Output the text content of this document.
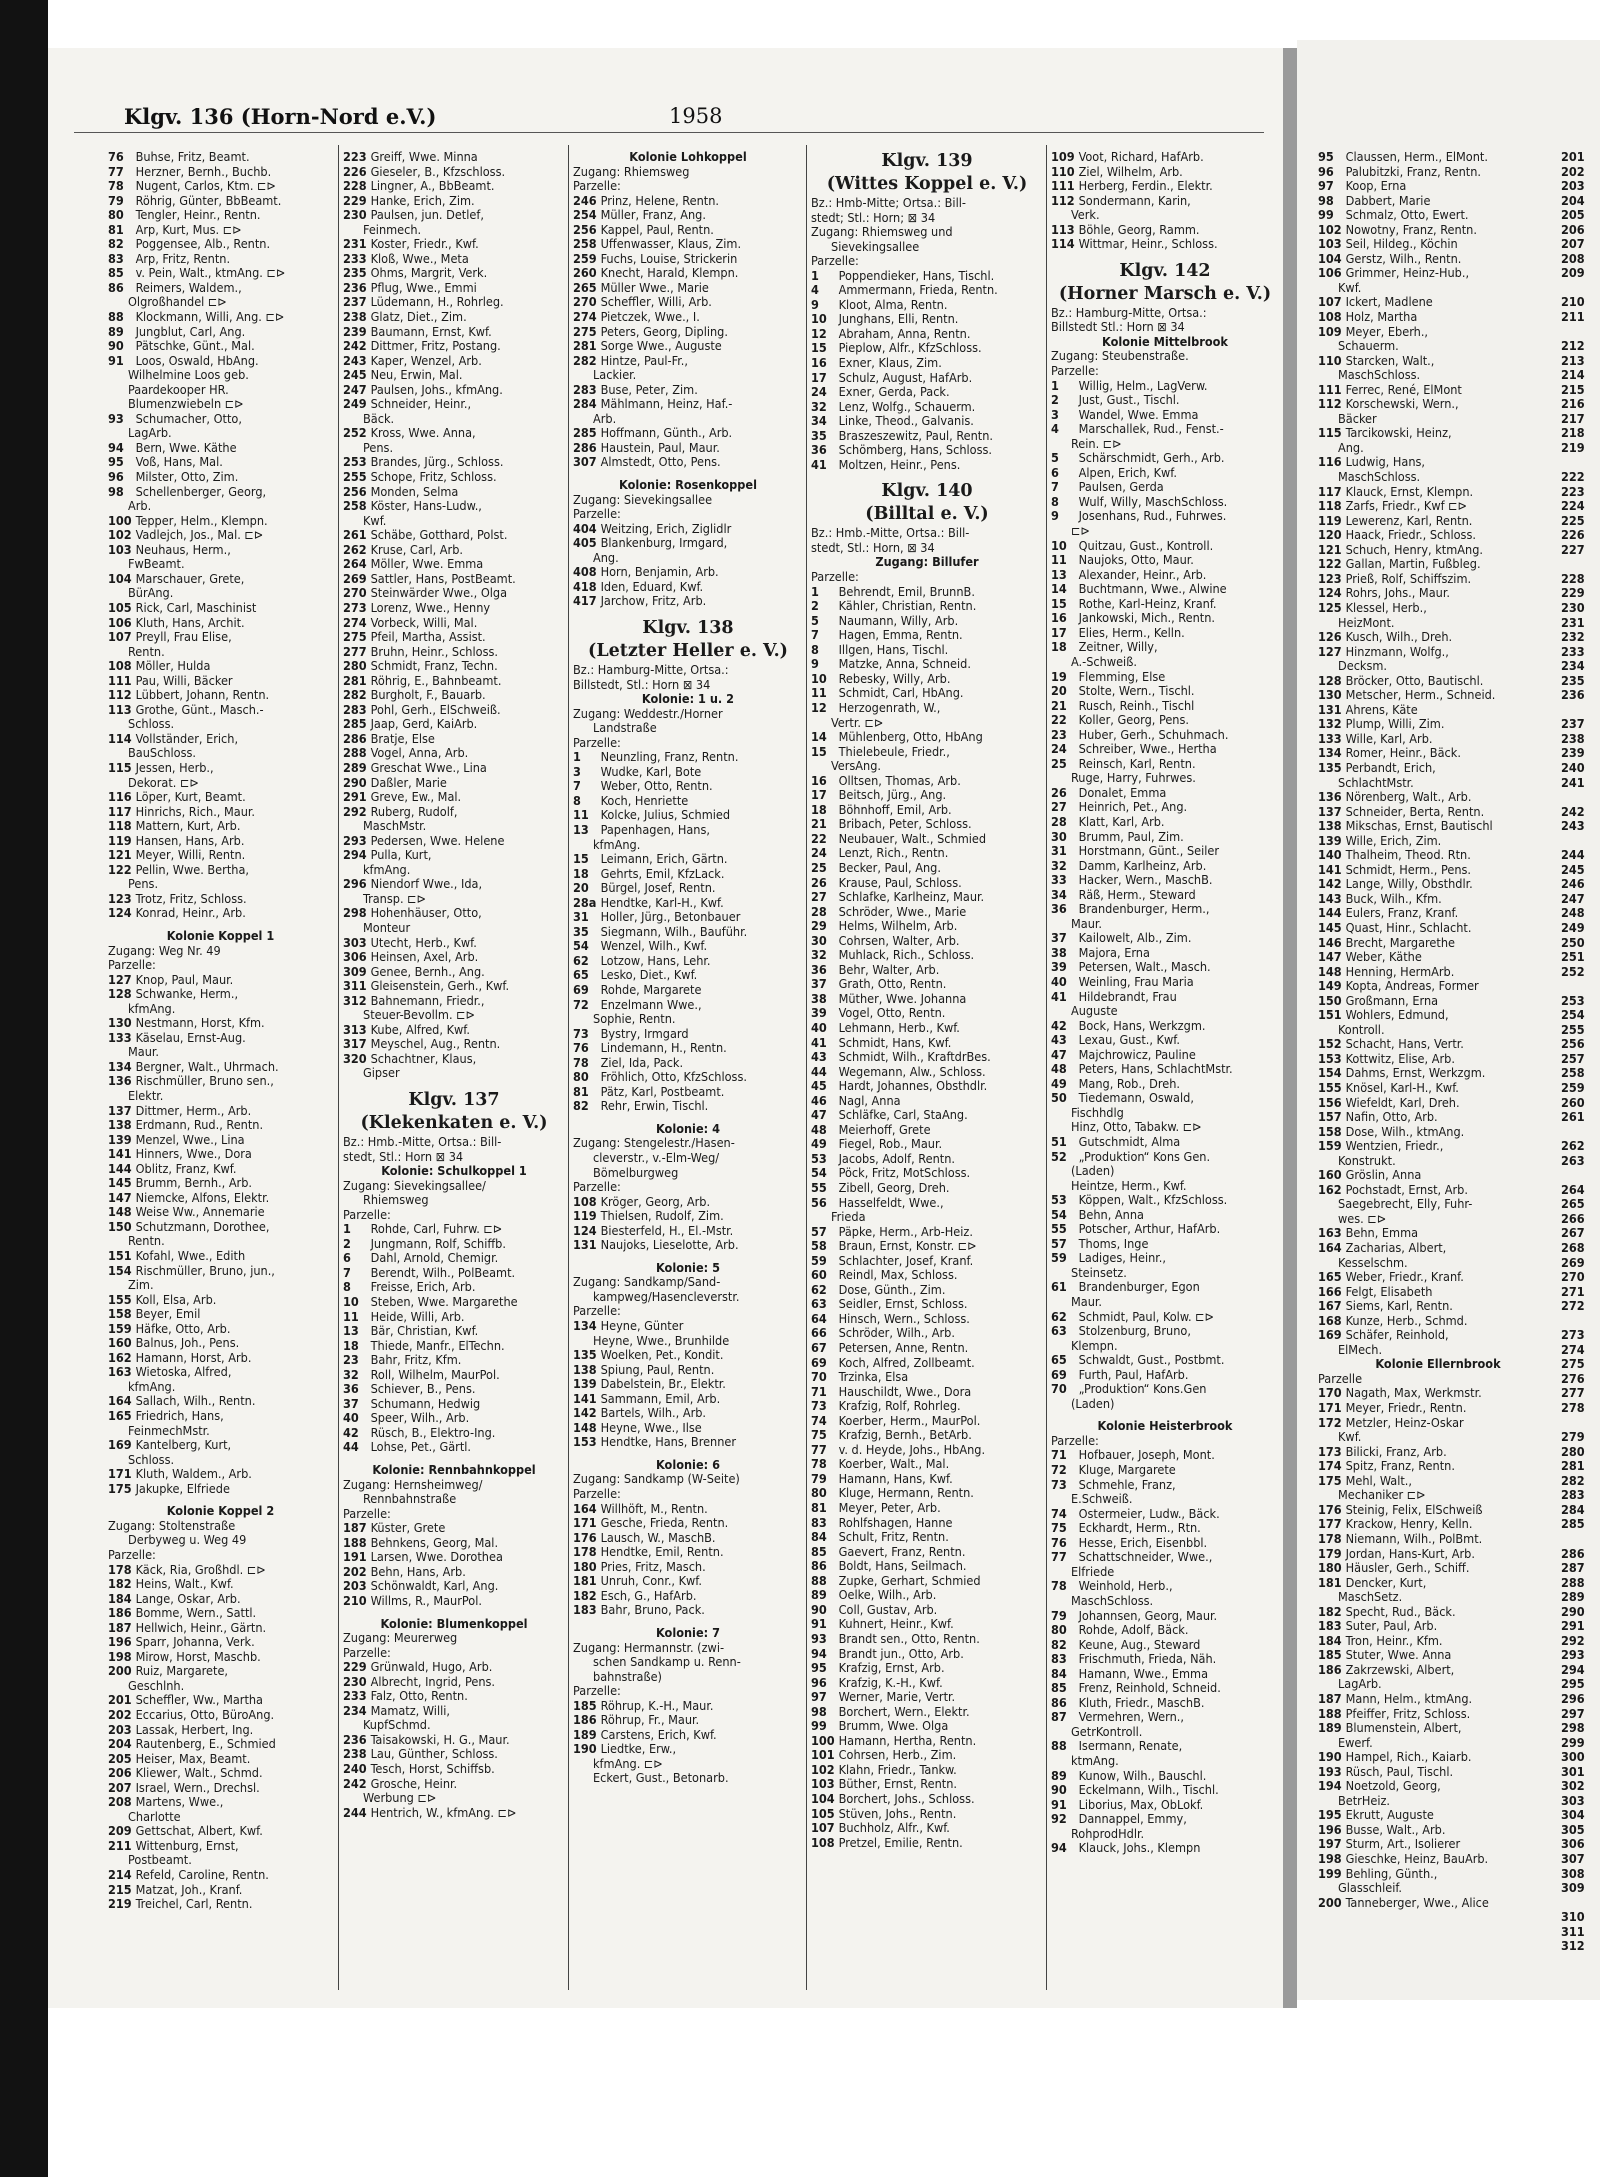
Klgv. 136 (Horn-Nord e.V.)	1958
76 Buhse, Fritz, Beamt.
77 Herzner, Bernh., Buchb.
78 Nugent, Carlos, Ktm. ⊏⊳
79 Röhrig, Günter, BbBeamt.
80 Tengler, Heinr., Rentn.
81 Arp, Kurt, Mus. ⊏⊳
82 Poggensee, Alb., Rentn.
83 Arp, Fritz, Rentn.
85 v. Pein, Walt., ktmAng. ⊏⊳
86 Reimers, Waldem.,
Olgroßhandel ⊏⊳
88 Klockmann, Willi, Ang. ⊏⊳
89 Jungblut, Carl, Ang.
90 Pätschke, Günt., Mal.
91 Loos, Oswald, HbAng.
Wilhelmine Loos geb.
Paardekooper HR.
Blumenzwiebeln ⊏⊳
93 Schumacher, Otto,
LagArb.
94 Bern, Wwe. Käthe
95 Voß, Hans, Mal.
96 Milster, Otto, Zim.
98 Schellenberger, Georg,
Arb.
100 Tepper, Helm., Klempn.
102 Vadlejch, Jos., Mal. ⊏⊳
103 Neuhaus, Herm.,
FwBeamt.
104 Marschauer, Grete,
BürAng.
105 Rick, Carl, Maschinist
106 Kluth, Hans, Archit.
107 Preyll, Frau Elise,
Rentn.
108 Möller, Hulda
111 Pau, Willi, Bäcker
112 Lübbert, Johann, Rentn.
113 Grothe, Günt., Masch.-
Schloss.
114 Vollständer, Erich,
BauSchloss.
115 Jessen, Herb.,
Dekorat. ⊏⊳
116 Löper, Kurt, Beamt.
117 Hinrichs, Rich., Maur.
118 Mattern, Kurt, Arb.
119 Hansen, Hans, Arb.
121 Meyer, Willi, Rentn.
122 Pellin, Wwe. Bertha,
Pens.
123 Trotz, Fritz, Schloss.
124 Konrad, Heinr., Arb.
Kolonie Koppel 1
Zugang: Weg Nr. 49
Parzelle:
127 Knop, Paul, Maur.
128 Schwanke, Herm.,
kfmAng.
130 Nestmann, Horst, Kfm.
133 Käselau, Ernst-Aug.
Maur.
134 Bergner, Walt., Uhrmach.
136 Rischmüller, Bruno sen.,
Elektr.
137 Dittmer, Herm., Arb.
138 Erdmann, Rud., Rentn.
139 Menzel, Wwe., Lina
141 Hinners, Wwe., Dora
144 Oblitz, Franz, Kwf.
145 Brumm, Bernh., Arb.
147 Niemcke, Alfons, Elektr.
148 Weise Ww., Annemarie
150 Schutzmann, Dorothee,
Rentn.
151 Kofahl, Wwe., Edith
154 Rischmüller, Bruno, jun.,
Zim.
155 Koll, Elsa, Arb.
158 Beyer, Emil
159 Häfke, Otto, Arb.
160 Balnus, Joh., Pens.
162 Hamann, Horst, Arb.
163 Wietoska, Alfred,
kfmAng.
164 Sallach, Wilh., Rentn.
165 Friedrich, Hans,
FeinmechMstr.
169 Kantelberg, Kurt,
Schloss.
171 Kluth, Waldem., Arb.
175 Jakupke, Elfriede
Kolonie Koppel 2
Zugang: Stoltenstraße
Derbyweg u. Weg 49
Parzelle:
178 Käck, Ria, Großhdl. ⊏⊳
182 Heins, Walt., Kwf.
184 Lange, Oskar, Arb.
186 Bomme, Wern., Sattl.
187 Hellwich, Heinr., Gärtn.
196 Sparr, Johanna, Verk.
198 Mirow, Horst, Maschb.
200 Ruiz, Margarete,
Geschlnh.
201 Scheffler, Ww., Martha
202 Eccarius, Otto, BüroAng.
203 Lassak, Herbert, Ing.
204 Rautenberg, E., Schmied
205 Heiser, Max, Beamt.
206 Kliewer, Walt., Schmd.
207 Israel, Wern., Drechsl.
208 Martens, Wwe.,
Charlotte
209 Gettschat, Albert, Kwf.
211 Wittenburg, Ernst,
Postbeamt.
214 Refeld, Caroline, Rentn.
215 Matzat, Joh., Kranf.
219 Treichel, Carl, Rentn.
223 Greiff, Wwe. Minna
226 Gieseler, B., Kfzschloss.
228 Lingner, A., BbBeamt.
229 Hanke, Erich, Zim.
230 Paulsen, jun. Detlef,
Feinmech.
231 Koster, Friedr., Kwf.
233 Kloß, Wwe., Meta
235 Ohms, Margrit, Verk.
236 Pflug, Wwe., Emmi
237 Lüdemann, H., Rohrleg.
238 Glatz, Diet., Zim.
239 Baumann, Ernst, Kwf.
242 Dittmer, Fritz, Postang.
243 Kaper, Wenzel, Arb.
245 Neu, Erwin, Mal.
247 Paulsen, Johs., kfmAng.
249 Schneider, Heinr.,
Bäck.
252 Kross, Wwe. Anna,
Pens.
253 Brandes, Jürg., Schloss.
255 Schope, Fritz, Schloss.
256 Monden, Selma
258 Köster, Hans-Ludw.,
Kwf.
261 Schäbe, Gotthard, Polst.
262 Kruse, Carl, Arb.
264 Möller, Wwe. Emma
269 Sattler, Hans, PostBeamt.
270 Steinwärder Wwe., Olga
273 Lorenz, Wwe., Henny
274 Vorbeck, Willi, Mal.
275 Pfeil, Martha, Assist.
277 Bruhn, Heinr., Schloss.
280 Schmidt, Franz, Techn.
281 Röhrig, E., Bahnbeamt.
282 Burgholt, F., Bauarb.
283 Pohl, Gerh., ElSchweiß.
285 Jaap, Gerd, KaiArb.
286 Bratje, Else
288 Vogel, Anna, Arb.
289 Greschat Wwe., Lina
290 Daßler, Marie
291 Greve, Ew., Mal.
292 Ruberg, Rudolf,
MaschMstr.
293 Pedersen, Wwe. Helene
294 Pulla, Kurt,
kfmAng.
296 Niendorf Wwe., Ida,
Transp. ⊏⊳
298 Hohenhäuser, Otto,
Monteur
303 Utecht, Herb., Kwf.
306 Heinsen, Axel, Arb.
309 Genee, Bernh., Ang.
311 Gleisenstein, Gerh., Kwf.
312 Bahnemann, Friedr.,
Steuer-Bevollm. ⊏⊳
313 Kube, Alfred, Kwf.
317 Meyschel, Aug., Rentn.
320 Schachtner, Klaus,
Gipser
Klgv. 137
(Klekenkaten e. V.)
Bz.: Hmb.-Mitte, Ortsa.: Bill-
stedt, Stl.: Horn ⊠ 34
Kolonie: Schulkoppel 1
Zugang: Sievekingsallee/
Rhiemsweg
Parzelle:
1 Rohde, Carl, Fuhrw. ⊏⊳
2 Jungmann, Rolf, Schiffb.
6 Dahl, Arnold, Chemigr.
7 Berendt, Wilh., PolBeamt.
8 Freisse, Erich, Arb.
10 Steben, Wwe. Margarethe
11 Heide, Willi, Arb.
13 Bär, Christian, Kwf.
18 Thiede, Manfr., ElTechn.
23 Bahr, Fritz, Kfm.
32 Roll, Wilhelm, MaurPol.
36 Schiever, B., Pens.
37 Schumann, Hedwig
40 Speer, Wilh., Arb.
42 Rüsch, B., Elektro-Ing.
44 Lohse, Pet., Gärtl.
Kolonie: Rennbahnkoppel
Zugang: Hernsheimweg/
Rennbahnstraße
Parzelle:
187 Küster, Grete
188 Behnkens, Georg, Mal.
191 Larsen, Wwe. Dorothea
202 Behn, Hans, Arb.
203 Schönwaldt, Karl, Ang.
210 Willms, R., MaurPol.
Kolonie: Blumenkoppel
Zugang: Meurerweg
Parzelle:
229 Grünwald, Hugo, Arb.
230 Albrecht, Ingrid, Pens.
233 Falz, Otto, Rentn.
234 Mamatz, Willi,
KupfSchmd.
236 Taisakowski, H. G., Maur.
238 Lau, Günther, Schloss.
240 Tesch, Horst, Schiffsb.
242 Grosche, Heinr.
Werbung ⊏⊳
244 Hentrich, W., kfmAng. ⊏⊳
Kolonie Lohkoppel
Zugang: Rhiemsweg
Parzelle:
246 Prinz, Helene, Rentn.
254 Müller, Franz, Ang.
256 Kappel, Paul, Rentn.
258 Uffenwasser, Klaus, Zim.
259 Fuchs, Louise, Strickerin
260 Knecht, Harald, Klempn.
265 Müller Wwe., Marie
270 Scheffler, Willi, Arb.
274 Pietczek, Wwe., I.
275 Peters, Georg, Dipling.
281 Sorge Wwe., Auguste
282 Hintze, Paul-Fr.,
Lackier.
283 Buse, Peter, Zim.
284 Mählmann, Heinz, Haf.-
Arb.
285 Hoffmann, Günth., Arb.
286 Haustein, Paul, Maur.
307 Almstedt, Otto, Pens.
Kolonie: Rosenkoppel
Zugang: Sievekingsallee
Parzelle:
404 Weitzing, Erich, Ziglidlr
405 Blankenburg, Irmgard,
Ang.
408 Horn, Benjamin, Arb.
418 Iden, Eduard, Kwf.
417 Jarchow, Fritz, Arb.
Klgv. 138
(Letzter Heller e. V.)
Bz.: Hamburg-Mitte, Ortsa.:
Billstedt, Stl.: Horn ⊠ 34
Kolonie: 1 u. 2
Zugang: Weddestr./Horner
Landstraße
Parzelle:
1 Neunzling, Franz, Rentn.
3 Wudke, Karl, Bote
7 Weber, Otto, Rentn.
8 Koch, Henriette
11 Kolcke, Julius, Schmied
13 Papenhagen, Hans,
kfmAng.
15 Leimann, Erich, Gärtn.
18 Gehrts, Emil, KfzLack.
20 Bürgel, Josef, Rentn.
28a Hendtke, Karl-H., Kwf.
31 Holler, Jürg., Betonbauer
35 Siegmann, Wilh., Bauführ.
54 Wenzel, Wilh., Kwf.
62 Lotzow, Hans, Lehr.
65 Lesko, Diet., Kwf.
69 Rohde, Margarete
72 Enzelmann Wwe.,
Sophie, Rentn.
73 Bystry, Irmgard
76 Lindemann, H., Rentn.
78 Ziel, Ida, Pack.
80 Fröhlich, Otto, KfzSchloss.
81 Pätz, Karl, Postbeamt.
82 Rehr, Erwin, Tischl.
Kolonie: 4
Zugang: Stengelestr./Hasen-
cleverstr., v.-Elm-Weg/
Bömelburgweg
Parzelle:
108 Kröger, Georg, Arb.
119 Thielsen, Rudolf, Zim.
124 Biesterfeld, H., El.-Mstr.
131 Naujoks, Lieselotte, Arb.
Kolonie: 5
Zugang: Sandkamp/Sand-
kampweg/Hasencleverstr.
Parzelle:
134 Heyne, Günter
Heyne, Wwe., Brunhilde
135 Woelken, Pet., Kondit.
138 Spiung, Paul, Rentn.
139 Dabelstein, Br., Elektr.
141 Sammann, Emil, Arb.
142 Bartels, Wilh., Arb.
148 Heyne, Wwe., Ilse
153 Hendtke, Hans, Brenner
Kolonie: 6
Zugang: Sandkamp (W-Seite)
Parzelle:
164 Willhöft, M., Rentn.
171 Gesche, Frieda, Rentn.
176 Lausch, W., MaschB.
178 Hendtke, Emil, Rentn.
180 Pries, Fritz, Masch.
181 Unruh, Conr., Kwf.
182 Esch, G., HafArb.
183 Bahr, Bruno, Pack.
Kolonie: 7
Zugang: Hermannstr. (zwi-
schen Sandkamp u. Renn-
bahnstraße)
Parzelle:
185 Röhrup, K.-H., Maur.
186 Röhrup, Fr., Maur.
189 Carstens, Erich, Kwf.
190 Liedtke, Erw.,
kfmAng. ⊏⊳
Eckert, Gust., Betonarb.
Klgv. 139
(Wittes Koppel e. V.)
Bz.: Hmb-Mitte; Ortsa.: Bill-
stedt; Stl.: Horn; ⊠ 34
Zugang: Rhiemsweg und
Sievekingsallee
Parzelle:
1 Poppendieker, Hans, Tischl.
4 Ammermann, Frieda, Rentn.
9 Kloot, Alma, Rentn.
10 Junghans, Elli, Rentn.
12 Abraham, Anna, Rentn.
15 Pieplow, Alfr., KfzSchloss.
16 Exner, Klaus, Zim.
17 Schulz, August, HafArb.
24 Exner, Gerda, Pack.
32 Lenz, Wolfg., Schauerm.
34 Linke, Theod., Galvanis.
35 Braszeszewitz, Paul, Rentn.
36 Schömberg, Hans, Schloss.
41 Moltzen, Heinr., Pens.
Klgv. 140
(Billtal e. V.)
Bz.: Hmb.-Mitte, Ortsa.: Bill-
stedt, Stl.: Horn, ⊠ 34
Zugang: Billufer
Parzelle:
1 Behrendt, Emil, BrunnB.
2 Kähler, Christian, Rentn.
5 Naumann, Willy, Arb.
7 Hagen, Emma, Rentn.
8 Illgen, Hans, Tischl.
9 Matzke, Anna, Schneid.
10 Rebesky, Willy, Arb.
11 Schmidt, Carl, HbAng.
12 Herzogenrath, W.,
Vertr. ⊏⊳
14 Mühlenberg, Otto, HbAng
15 Thielebeule, Friedr.,
VersAng.
16 Olltsen, Thomas, Arb.
17 Beitsch, Jürg., Ang.
18 Böhnhoff, Emil, Arb.
21 Bribach, Peter, Schloss.
22 Neubauer, Walt., Schmied
24 Lenzt, Rich., Rentn.
25 Becker, Paul, Ang.
26 Krause, Paul, Schloss.
27 Schlafke, Karlheinz, Maur.
28 Schröder, Wwe., Marie
29 Helms, Wilhelm, Arb.
30 Cohrsen, Walter, Arb.
32 Muhlack, Rich., Schloss.
36 Behr, Walter, Arb.
37 Grath, Otto, Rentn.
38 Müther, Wwe. Johanna
39 Vogel, Otto, Rentn.
40 Lehmann, Herb., Kwf.
41 Schmidt, Hans, Kwf.
43 Schmidt, Wilh., KraftdrBes.
44 Wegemann, Alw., Schloss.
45 Hardt, Johannes, Obsthdlr.
46 Nagl, Anna
47 Schläfke, Carl, StaAng.
48 Meierhoff, Grete
49 Fiegel, Rob., Maur.
53 Jacobs, Adolf, Rentn.
54 Pöck, Fritz, MotSchloss.
55 Zibell, Georg, Dreh.
56 Hasselfeldt, Wwe.,
Frieda
57 Päpke, Herm., Arb-Heiz.
58 Braun, Ernst, Konstr. ⊏⊳
59 Schlachter, Josef, Kranf.
60 Reindl, Max, Schloss.
62 Dose, Günth., Zim.
63 Seidler, Ernst, Schloss.
64 Hinsch, Wern., Schloss.
66 Schröder, Wilh., Arb.
67 Petersen, Anne, Rentn.
69 Koch, Alfred, Zollbeamt.
70 Trzinka, Elsa
71 Hauschildt, Wwe., Dora
73 Krafzig, Rolf, Rohrleg.
74 Koerber, Herm., MaurPol.
75 Krafzig, Bernh., BetArb.
77 v. d. Heyde, Johs., HbAng.
78 Koerber, Walt., Mal.
79 Hamann, Hans, Kwf.
80 Kluge, Hermann, Rentn.
81 Meyer, Peter, Arb.
83 Rohlfshagen, Hanne
84 Schult, Fritz, Rentn.
85 Gaevert, Franz, Rentn.
86 Boldt, Hans, Seilmach.
88 Zupke, Gerhart, Schmied
89 Oelke, Wilh., Arb.
90 Coll, Gustav, Arb.
91 Kuhnert, Heinr., Kwf.
93 Brandt sen., Otto, Rentn.
94 Brandt jun., Otto, Arb.
95 Krafzig, Ernst, Arb.
96 Krafzig, K.-H., Kwf.
97 Werner, Marie, Vertr.
98 Borchert, Wern., Elektr.
99 Brumm, Wwe. Olga
100 Hamann, Hertha, Rentn.
101 Cohrsen, Herb., Zim.
102 Klahn, Friedr., Tankw.
103 Büther, Ernst, Rentn.
104 Borchert, Johs., Schloss.
105 Stüven, Johs., Rentn.
107 Buchholz, Alfr., Kwf.
108 Pretzel, Emilie, Rentn.
109 Voot, Richard, HafArb.
110 Ziel, Wilhelm, Arb.
111 Herberg, Ferdin., Elektr.
112 Sondermann, Karin,
Verk.
113 Böhle, Georg, Ramm.
114 Wittmar, Heinr., Schloss.
Klgv. 142
(Horner Marsch e. V.)
Bz.: Hamburg-Mitte, Ortsa.:
Billstedt Stl.: Horn ⊠ 34
Kolonie Mittelbrook
Zugang: Steubenstraße.
Parzelle:
1 Willig, Helm., LagVerw.
2 Just, Gust., Tischl.
3 Wandel, Wwe. Emma
4 Marschallek, Rud., Fenst.-
Rein. ⊏⊳
5 Schärschmidt, Gerh., Arb.
6 Alpen, Erich, Kwf.
7 Paulsen, Gerda
8 Wulf, Willy, MaschSchloss.
9 Josenhans, Rud., Fuhrwes.
⊏⊳
10 Quitzau, Gust., Kontroll.
11 Naujoks, Otto, Maur.
13 Alexander, Heinr., Arb.
14 Buchtmann, Wwe., Alwine
15 Rothe, Karl-Heinz, Kranf.
16 Jankowski, Mich., Rentn.
17 Elies, Herm., Kelln.
18 Zeitner, Willy,
A.-Schweiß.
19 Flemming, Else
20 Stolte, Wern., Tischl.
21 Rusch, Reinh., Tischl
22 Koller, Georg, Pens.
23 Huber, Gerh., Schuhmach.
24 Schreiber, Wwe., Hertha
25 Reinsch, Karl, Rentn.
Ruge, Harry, Fuhrwes.
26 Donalet, Emma
27 Heinrich, Pet., Ang.
28 Klatt, Karl, Arb.
30 Brumm, Paul, Zim.
31 Horstmann, Günt., Seiler
32 Damm, Karlheinz, Arb.
33 Hacker, Wern., MaschB.
34 Räß, Herm., Steward
36 Brandenburger, Herm.,
Maur.
37 Kailowelt, Alb., Zim.
38 Majora, Erna
39 Petersen, Walt., Masch.
40 Weinling, Frau Maria
41 Hildebrandt, Frau
Auguste
42 Bock, Hans, Werkzgm.
43 Lexau, Gust., Kwf.
47 Majchrowicz, Pauline
48 Peters, Hans, SchlachtMstr.
49 Mang, Rob., Dreh.
50 Tiedemann, Oswald,
Fischhdlg
Hinz, Otto, Tabakw. ⊏⊳
51 Gutschmidt, Alma
52 „Produktion“ Kons Gen.
(Laden)
Heintze, Herm., Kwf.
53 Köppen, Walt., KfzSchloss.
54 Behn, Anna
55 Potscher, Arthur, HafArb.
57 Thoms, Inge
59 Ladiges, Heinr.,
Steinsetz.
61 Brandenburger, Egon
Maur.
62 Schmidt, Paul, Kolw. ⊏⊳
63 Stolzenburg, Bruno,
Klempn.
65 Schwaldt, Gust., Postbmt.
69 Furth, Paul, HafArb.
70 „Produktion“ Kons.Gen
(Laden)
Kolonie Heisterbrook
Parzelle:
71 Hofbauer, Joseph, Mont.
72 Kluge, Margarete
73 Schmehle, Franz,
E.Schweiß.
74 Ostermeier, Ludw., Bäck.
75 Eckhardt, Herm., Rtn.
76 Hesse, Erich, Eisenbbl.
77 Schattschneider, Wwe.,
Elfriede
78 Weinhold, Herb.,
MaschSchloss.
79 Johannsen, Georg, Maur.
80 Rohde, Adolf, Bäck.
82 Keune, Aug., Steward
83 Frischmuth, Frieda, Näh.
84 Hamann, Wwe., Emma
85 Frenz, Reinhold, Schneid.
86 Kluth, Friedr., MaschB.
87 Vermehren, Wern.,
GetrKontroll.
88 Isermann, Renate,
ktmAng.
89 Kunow, Wilh., Bauschl.
90 Eckelmann, Wilh., Tischl.
91 Liborius, Max, ObLokf.
92 Dannappel, Emmy,
RohprodHdlr.
94 Klauck, Johs., Klempn
95 Claussen, Herm., ElMont.
96 Palubitzki, Franz, Rentn.
97 Koop, Erna
98 Dabbert, Marie
99 Schmalz, Otto, Ewert.
102 Nowotny, Franz, Rentn.
103 Seil, Hildeg., Köchin
104 Gerstz, Wilh., Rentn.
106 Grimmer, Heinz-Hub.,
Kwf.
107 Ickert, Madlene
108 Holz, Martha
109 Meyer, Eberh.,
Schauerm.
110 Starcken, Walt.,
MaschSchloss.
111 Ferrec, René, ElMont
112 Korschewski, Wern.,
Bäcker
115 Tarcikowski, Heinz,
Ang.
116 Ludwig, Hans,
MaschSchloss.
117 Klauck, Ernst, Klempn.
118 Zarfs, Friedr., Kwf ⊏⊳
119 Lewerenz, Karl, Rentn.
120 Haack, Friedr., Schloss.
121 Schuch, Henry, ktmAng.
122 Gallan, Martin, Fußbleg.
123 Prieß, Rolf, Schiffszim.
124 Rohrs, Johs., Maur.
125 Klessel, Herb.,
HeizMont.
126 Kusch, Wilh., Dreh.
127 Hinzmann, Wolfg.,
Decksm.
128 Bröcker, Otto, Bautischl.
130 Metscher, Herm., Schneid.
131 Ahrens, Käte
132 Plump, Willi, Zim.
133 Wille, Karl, Arb.
134 Romer, Heinr., Bäck.
135 Perbandt, Erich,
SchlachtMstr.
136 Nörenberg, Walt., Arb.
137 Schneider, Berta, Rentn.
138 Mikschas, Ernst, Bautischl
139 Wille, Erich, Zim.
140 Thalheim, Theod. Rtn.
141 Schmidt, Herm., Pens.
142 Lange, Willy, Obsthdlr.
143 Buck, Wilh., Kfm.
144 Eulers, Franz, Kranf.
145 Quast, Hinr., Schlacht.
146 Brecht, Margarethe
147 Weber, Käthe
148 Henning, HermArb.
149 Kopta, Andreas, Former
150 Großmann, Erna
151 Wohlers, Edmund,
Kontroll.
152 Schacht, Hans, Vertr.
153 Kottwitz, Elise, Arb.
154 Dahms, Ernst, Werkzgm.
155 Knösel, Karl-H., Kwf.
156 Wiefeldt, Karl, Dreh.
157 Nafin, Otto, Arb.
158 Dose, Wilh., ktmAng.
159 Wentzien, Friedr.,
Konstrukt.
160 Gröslin, Anna
162 Pochstadt, Ernst, Arb.
Saegebrecht, Elly, Fuhr-
wes. ⊏⊳
163 Behn, Emma
164 Zacharias, Albert,
Kesselschm.
165 Weber, Friedr., Kranf.
166 Felgt, Elisabeth
167 Siems, Karl, Rentn.
168 Kunze, Herb., Schmd.
169 Schäfer, Reinhold,
ElMech.
Kolonie Ellernbrook
Parzelle
170 Nagath, Max, Werkmstr.
171 Meyer, Friedr., Rentn.
172 Metzler, Heinz-Oskar
Kwf.
173 Bilicki, Franz, Arb.
174 Spitz, Franz, Rentn.
175 Mehl, Walt.,
Mechaniker ⊏⊳
176 Steinig, Felix, ElSchweiß
177 Krackow, Henry, Kelln.
178 Niemann, Wilh., PolBmt.
179 Jordan, Hans-Kurt, Arb.
180 Häusler, Gerh., Schiff.
181 Dencker, Kurt,
MaschSetz.
182 Specht, Rud., Bäck.
183 Suter, Paul, Arb.
184 Tron, Heinr., Kfm.
185 Stuter, Wwe. Anna
186 Zakrzewski, Albert,
LagArb.
187 Mann, Helm., ktmAng.
188 Pfeiffer, Fritz, Schloss.
189 Blumenstein, Albert,
Ewerf.
190 Hampel, Rich., Kaiarb.
193 Rüsch, Paul, Tischl.
194 Noetzold, Georg,
BetrHeiz.
195 Ekrutt, Auguste
196 Busse, Walt., Arb.
197 Sturm, Art., Isolierer
198 Gieschke, Heinz, BauArb.
199 Behling, Günth.,
Glasschleif.
200 Tanneberger, Wwe., Alice
201
202
203
204
205
206
207
208
209

210
211

212
213
214
215
216
217
218
219

222
223
224
225
226
227

228
229
230
231
232
233
234
235
236

237
238
239
240
241

242
243

244
245
246
247
248
249
250
251
252

253
254
255
256
257
258
259
260
261

262
263

264
265
266
267
268
269
270
271
272

273
274
275
276
277
278

279
280
281
282
283
284
285

286
287
288
289
290
291
292
293
294
295
296
297
298
299
300
301
302
303
304
305
306
307
308
309

310
311
312
